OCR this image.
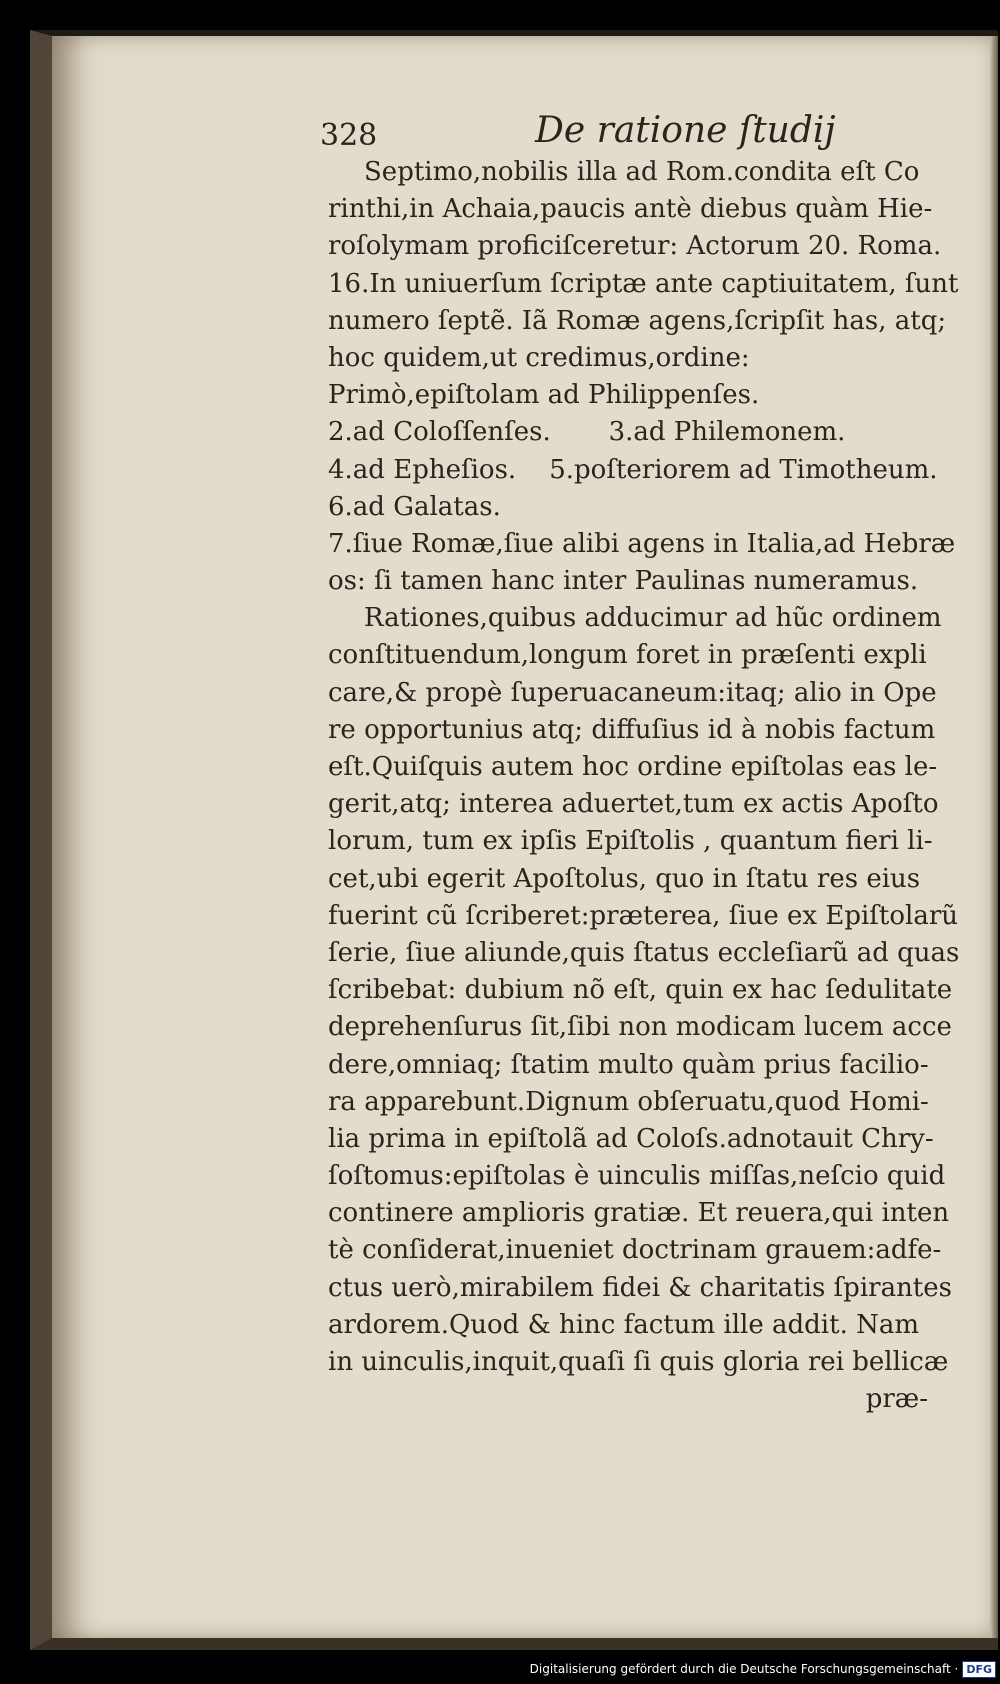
328	De ratione ſtudij
Septimo,nobilis illa ad Rom.condita eſt Co
rinthi,in Achaia,paucis antè diebus quàm Hie-
roſolymam proficiſceretur: Actorum 20. Roma.
16.In uniuerſum ſcriptæ ante captiuitatem, ſunt
numero ſeptẽ. Iã Romæ agens,ſcripſit has, atq;
hoc quidem,ut credimus,ordine:
Primò,epiſtolam ad Philippenſes.
2.ad Coloſſenſes.       3.ad Philemonem.
4.ad Epheſios.    5.poſteriorem ad Timotheum.
6.ad Galatas.
7.ſiue Romæ,ſiue alibi agens in Italia,ad Hebræ
os: ſi tamen hanc inter Paulinas numeramus.
Rationes,quibus adducimur ad hũc ordinem
conſtituendum,longum foret in præſenti expli
care,& propè ſuperuacaneum:itaq; alio in Ope
re opportunius atq; diffuſius id à nobis factum
eſt.Quiſquis autem hoc ordine epiſtolas eas le-
gerit,atq; interea aduertet,tum ex actis Apoſto
lorum, tum ex ipſis Epiſtolis , quantum fieri li-
cet,ubi egerit Apoſtolus, quo in ſtatu res eius
fuerint cũ ſcriberet:præterea, ſiue ex Epiſtolarũ
ſerie, ſiue aliunde,quis ſtatus eccleſiarũ ad quas
ſcribebat: dubium nõ eſt, quin ex hac ſedulitate
deprehenſurus ſit,ſibi non modicam lucem acce
dere,omniaq; ſtatim multo quàm prius facilio-
ra apparebunt.Dignum obſeruatu,quod Homi-
lia prima in epiſtolã ad Coloſs.adnotauit Chry-
ſoſtomus:epiſtolas è uinculis miſſas,neſcio quid
continere amplioris gratiæ. Et reuera,qui inten
tè conſiderat,inueniet doctrinam grauem:adfe-
ctus uerò,mirabilem fidei & charitatis ſpirantes
ardorem.Quod & hinc factum ille addit. Nam
in uinculis,inquit,quaſi ſi quis gloria rei bellicæ
præ-
Digitalisierung gefördert durch die Deutsche Forschungsgemeinschaft · DFG
